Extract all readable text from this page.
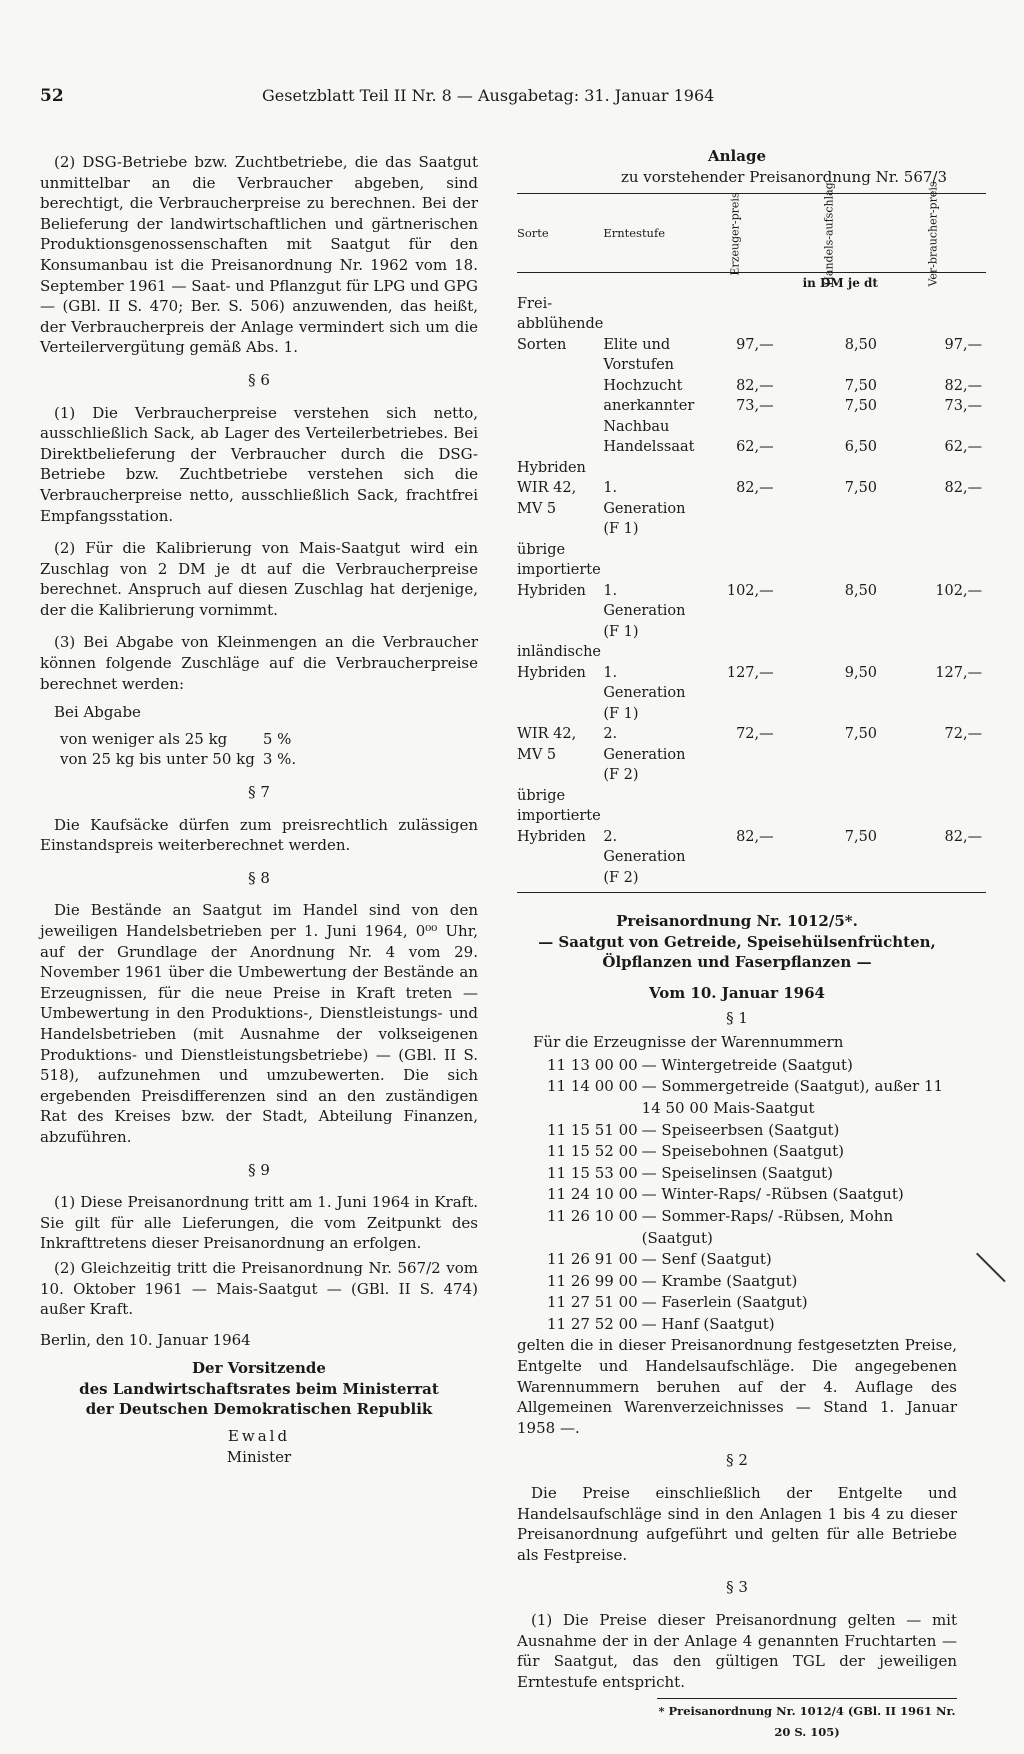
52	Gesetzblatt Teil II Nr. 8 — Ausgabetag: 31. Januar 1964

(2) DSG-Betriebe bzw. Zuchtbetriebe, die das Saatgut unmittelbar an die Verbraucher abgeben, sind berechtigt, die Verbraucherpreise zu berechnen. Bei der Belieferung der landwirtschaftlichen und gärtnerischen Produktionsgenossenschaften mit Saatgut für den Konsumanbau ist die Preisanordnung Nr. 1962 vom 18. September 1961 — Saat- und Pflanzgut für LPG und GPG — (GBl. II S. 470; Ber. S. 506) anzuwenden, das heißt, der Verbraucherpreis der Anlage vermindert sich um die Verteilervergütung gemäß Abs. 1.

§ 6

(1) Die Verbraucherpreise verstehen sich netto, ausschließlich Sack, ab Lager des Verteilerbetriebes. Bei Direktbelieferung der Verbraucher durch die DSG-Betriebe bzw. Zuchtbetriebe verstehen sich die Verbraucherpreise netto, ausschließlich Sack, frachtfrei Empfangsstation.

(2) Für die Kalibrierung von Mais-Saatgut wird ein Zuschlag von 2 DM je dt auf die Verbraucherpreise berechnet. Anspruch auf diesen Zuschlag hat derjenige, der die Kalibrierung vornimmt.

(3) Bei Abgabe von Kleinmengen an die Verbraucher können folgende Zuschläge auf die Verbraucherpreise berechnet werden:

Bei Abgabe

von weniger als 25 kg	5 %
von 25 kg bis unter 50 kg	3 %.

§ 7

Die Kaufsäcke dürfen zum preisrechtlich zulässigen Einstandspreis weiterberechnet werden.

§ 8

Die Bestände an Saatgut im Handel sind von den jeweiligen Handelsbetrieben per 1. Juni 1964, 0⁰⁰ Uhr, auf der Grundlage der Anordnung Nr. 4 vom 29. November 1961 über die Umbewertung der Bestände an Erzeugnissen, für die neue Preise in Kraft treten — Umbewertung in den Produktions-, Dienstleistungs- und Handelsbetrieben (mit Ausnahme der volkseigenen Produktions- und Dienstleistungsbetriebe) — (GBl. II S. 518), aufzunehmen und umzubewerten. Die sich ergebenden Preisdifferenzen sind an den zuständigen Rat des Kreises bzw. der Stadt, Abteilung Finanzen, abzuführen.

§ 9

(1) Diese Preisanordnung tritt am 1. Juni 1964 in Kraft. Sie gilt für alle Lieferungen, die vom Zeitpunkt des Inkrafttretens dieser Preisanordnung an erfolgen.

(2) Gleichzeitig tritt die Preisanordnung Nr. 567/2 vom 10. Oktober 1961 — Mais-Saatgut — (GBl. II S. 474) außer Kraft.

Berlin, den 10. Januar 1964

Der Vorsitzende

des Landwirtschaftsrates beim Ministerrat

der Deutschen Demokratischen Republik

Ewald

Minister

Anlage

zu vorstehender Preisanordnung Nr. 567/3

Sorte	Erntestufe	Erzeuger-preis	Handels-aufschlag	Ver-braucher-preis
		in DM je dt		
Frei-				
abblühende				
Sorten	Elite und Vorstufen	97,—	8,50	97,—
	Hochzucht	82,—	7,50	82,—
	anerkannter Nachbau	73,—	7,50	73,—
	Handelssaat	62,—	6,50	62,—
Hybriden				
WIR 42, MV 5	1. Generation (F 1)	82,—	7,50	82,—
übrige				
importierte				
Hybriden	1. Generation (F 1)	102,—	8,50	102,—
inländische				
Hybriden	1. Generation (F 1)	127,—	9,50	127,—
WIR 42, MV 5	2. Generation (F 2)	72,—	7,50	72,—
übrige				
importierte				
Hybriden	2. Generation (F 2)	82,—	7,50	82,—

Preisanordnung Nr. 1012/5*.

— Saatgut von Getreide, Speisehülsenfrüchten,

Ölpflanzen und Faserpflanzen —

Vom 10. Januar 1964

§ 1

Für die Erzeugnisse der Warennummern

11 13 00 00	— Wintergetreide (Saatgut)
11 14 00 00	— Sommergetreide (Saatgut), außer 11 14 50 00 Mais-Saatgut
11 15 51 00	— Speiseerbsen (Saatgut)
11 15 52 00	— Speisebohnen (Saatgut)
11 15 53 00	— Speiselinsen (Saatgut)
11 24 10 00	— Winter-Raps/ -Rübsen (Saatgut)
11 26 10 00	— Sommer-Raps/ -Rübsen, Mohn (Saatgut)
11 26 91 00	— Senf (Saatgut)
11 26 99 00	— Krambe (Saatgut)
11 27 51 00	— Faserlein (Saatgut)
11 27 52 00	— Hanf (Saatgut)

gelten die in dieser Preisanordnung festgesetzten Preise, Entgelte und Handelsaufschläge. Die angegebenen Warennummern beruhen auf der 4. Auflage des Allgemeinen Warenverzeichnisses — Stand 1. Januar 1958 —.

§ 2

Die Preise einschließlich der Entgelte und Handelsaufschläge sind in den Anlagen 1 bis 4 zu dieser Preisanordnung aufgeführt und gelten für alle Betriebe als Festpreise.

§ 3

(1) Die Preise dieser Preisanordnung gelten — mit Ausnahme der in der Anlage 4 genannten Fruchtarten — für Saatgut, das den gültigen TGL der jeweiligen Erntestufe entspricht.

* Preisanordnung Nr. 1012/4 (GBl. II 1961 Nr. 20 S. 105)
